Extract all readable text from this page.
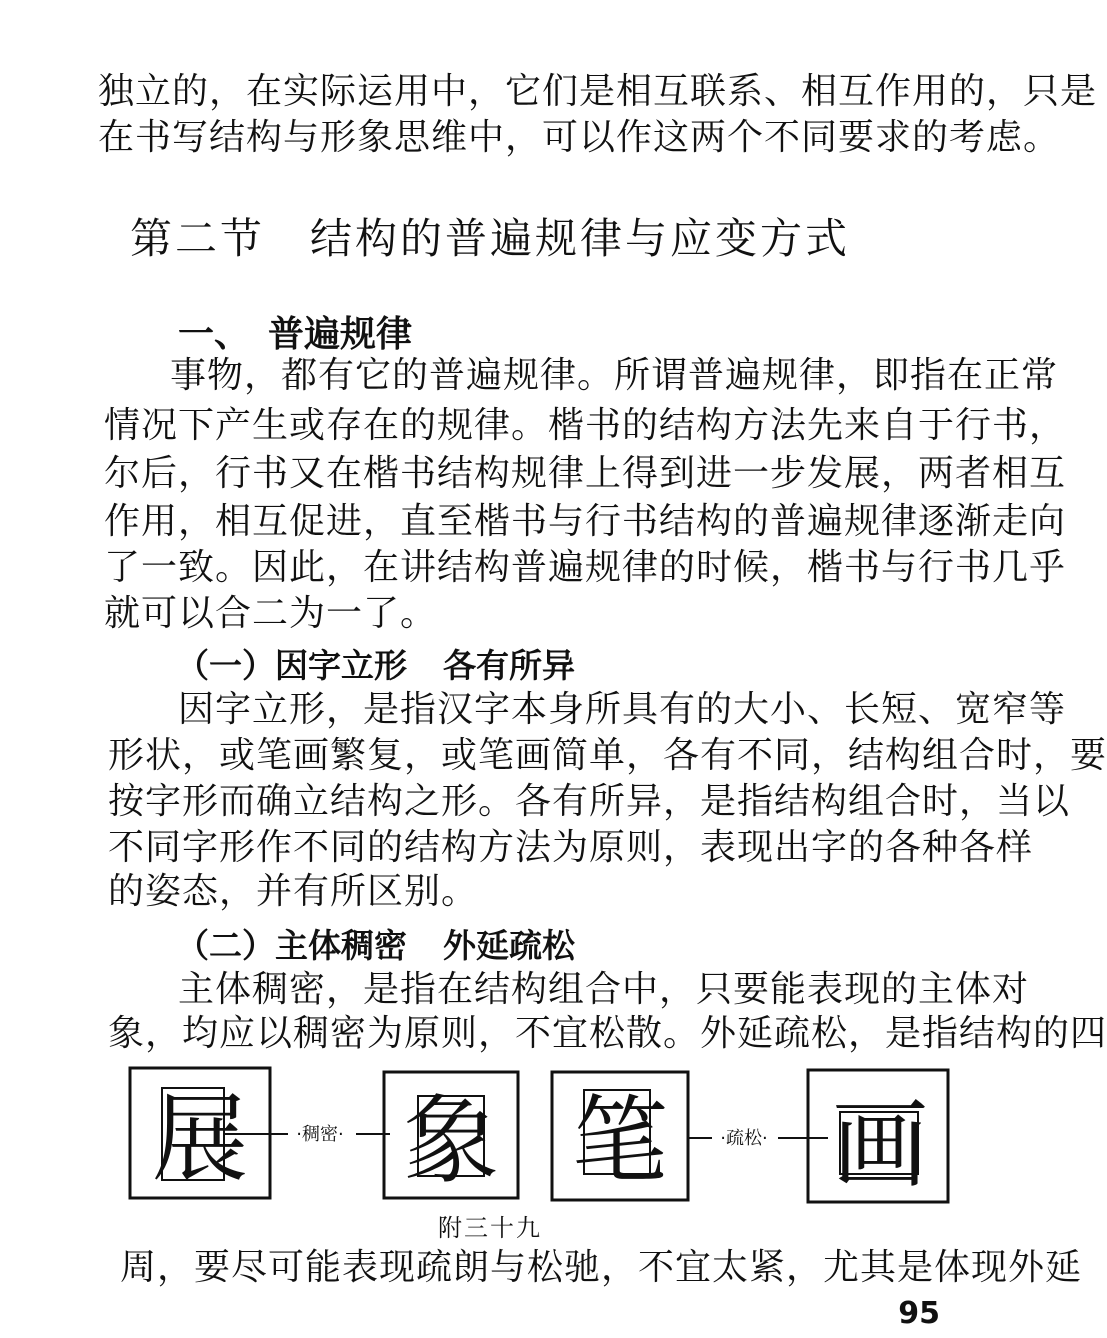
独立的，在实际运用中，它们是相互联系、相互作用的，只是
在书写结构与形象思维中，可以作这两个不同要求的考虑。
第二节　结构的普遍规律与应变方式
一、　普遍规律
事物，都有它的普遍规律。所谓普遍规律，即指在正常
情况下产生或存在的规律。楷书的结构方法先来自于行书，
尔后，行书又在楷书结构规律上得到进一步发展，两者相互
作用，相互促进，直至楷书与行书结构的普遍规律逐渐走向
了一致。因此，在讲结构普遍规律的时候，楷书与行书几乎
就可以合二为一了。
（一）因字立形 各有所异
因字立形，是指汉字本身所具有的大小、长短、宽窄等
形状，或笔画繁复，或笔画简单，各有不同，结构组合时，要
按字形而确立结构之形。各有所异，是指结构组合时，当以
不同字形作不同的结构方法为原则，表现出字的各种各样
的姿态，并有所区别。
（二）主体稠密 外延疏松
主体稠密，是指在结构组合中，只要能表现的主体对
象，均应以稠密为原则，不宜松散。外延疏松，是指结构的四
展	·稠密· 象 笔	·疏松· 画
附三十九
周，要尽可能表现疏朗与松驰，不宜太紧，尤其是体现外延
95
